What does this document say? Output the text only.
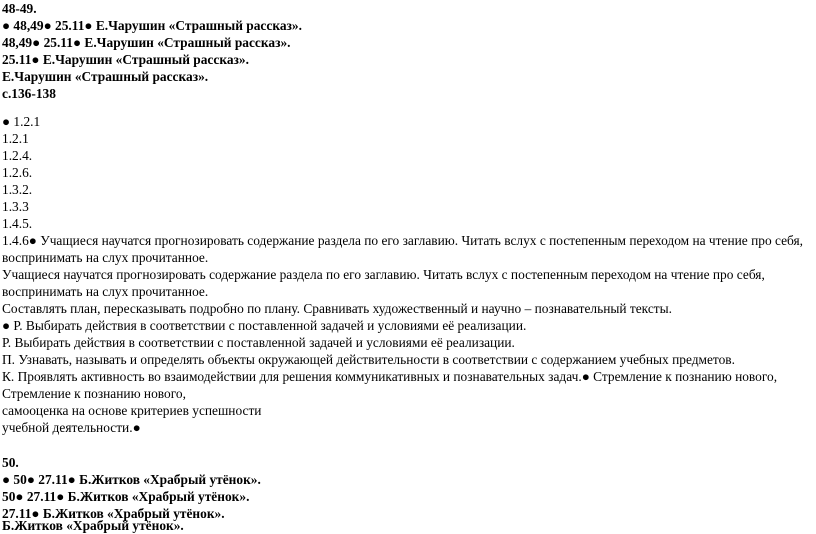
48-49.
● 48,49● 25.11● Е.Чарушин «Страшный рассказ».
48,49● 25.11● Е.Чарушин «Страшный рассказ».
25.11● Е.Чарушин «Страшный рассказ».
Е.Чарушин «Страшный рассказ».
с.136-138
● 1.2.1
1.2.1
1.2.4.
1.2.6.
1.3.2.
1.3.3
1.4.5.
1.4.6● Учащиеся научатся прогнозировать содержание раздела по его заглавию. Читать вслух с постепенным переходом на чтение про себя,
воспринимать на слух прочитанное.
Учащиеся научатся прогнозировать содержание раздела по его заглавию. Читать вслух с постепенным переходом на чтение про себя,
воспринимать на слух прочитанное.
Составлять план, пересказывать подробно по плану. Сравнивать художественный и научно – познавательный тексты.
● Р. Выбирать действия в соответствии с поставленной задачей и условиями её реализации.
Р. Выбирать действия в соответствии с поставленной задачей и условиями её реализации.
П. Узнавать, называть и определять объекты окружающей действительности в соответствии с содержанием учебных предметов.
К. Проявлять активность во взаимодействии для решения коммуникативных и познавательных задач.● Стремление к познанию нового,
Стремление к познанию нового,
самооценка на основе критериев успешности
учебной деятельности.●
50.
● 50● 27.11● Б.Житков «Храбрый утёнок».
50● 27.11● Б.Житков «Храбрый утёнок».
27.11● Б.Житков «Храбрый утёнок».
Б.Житков «Храбрый утёнок».
